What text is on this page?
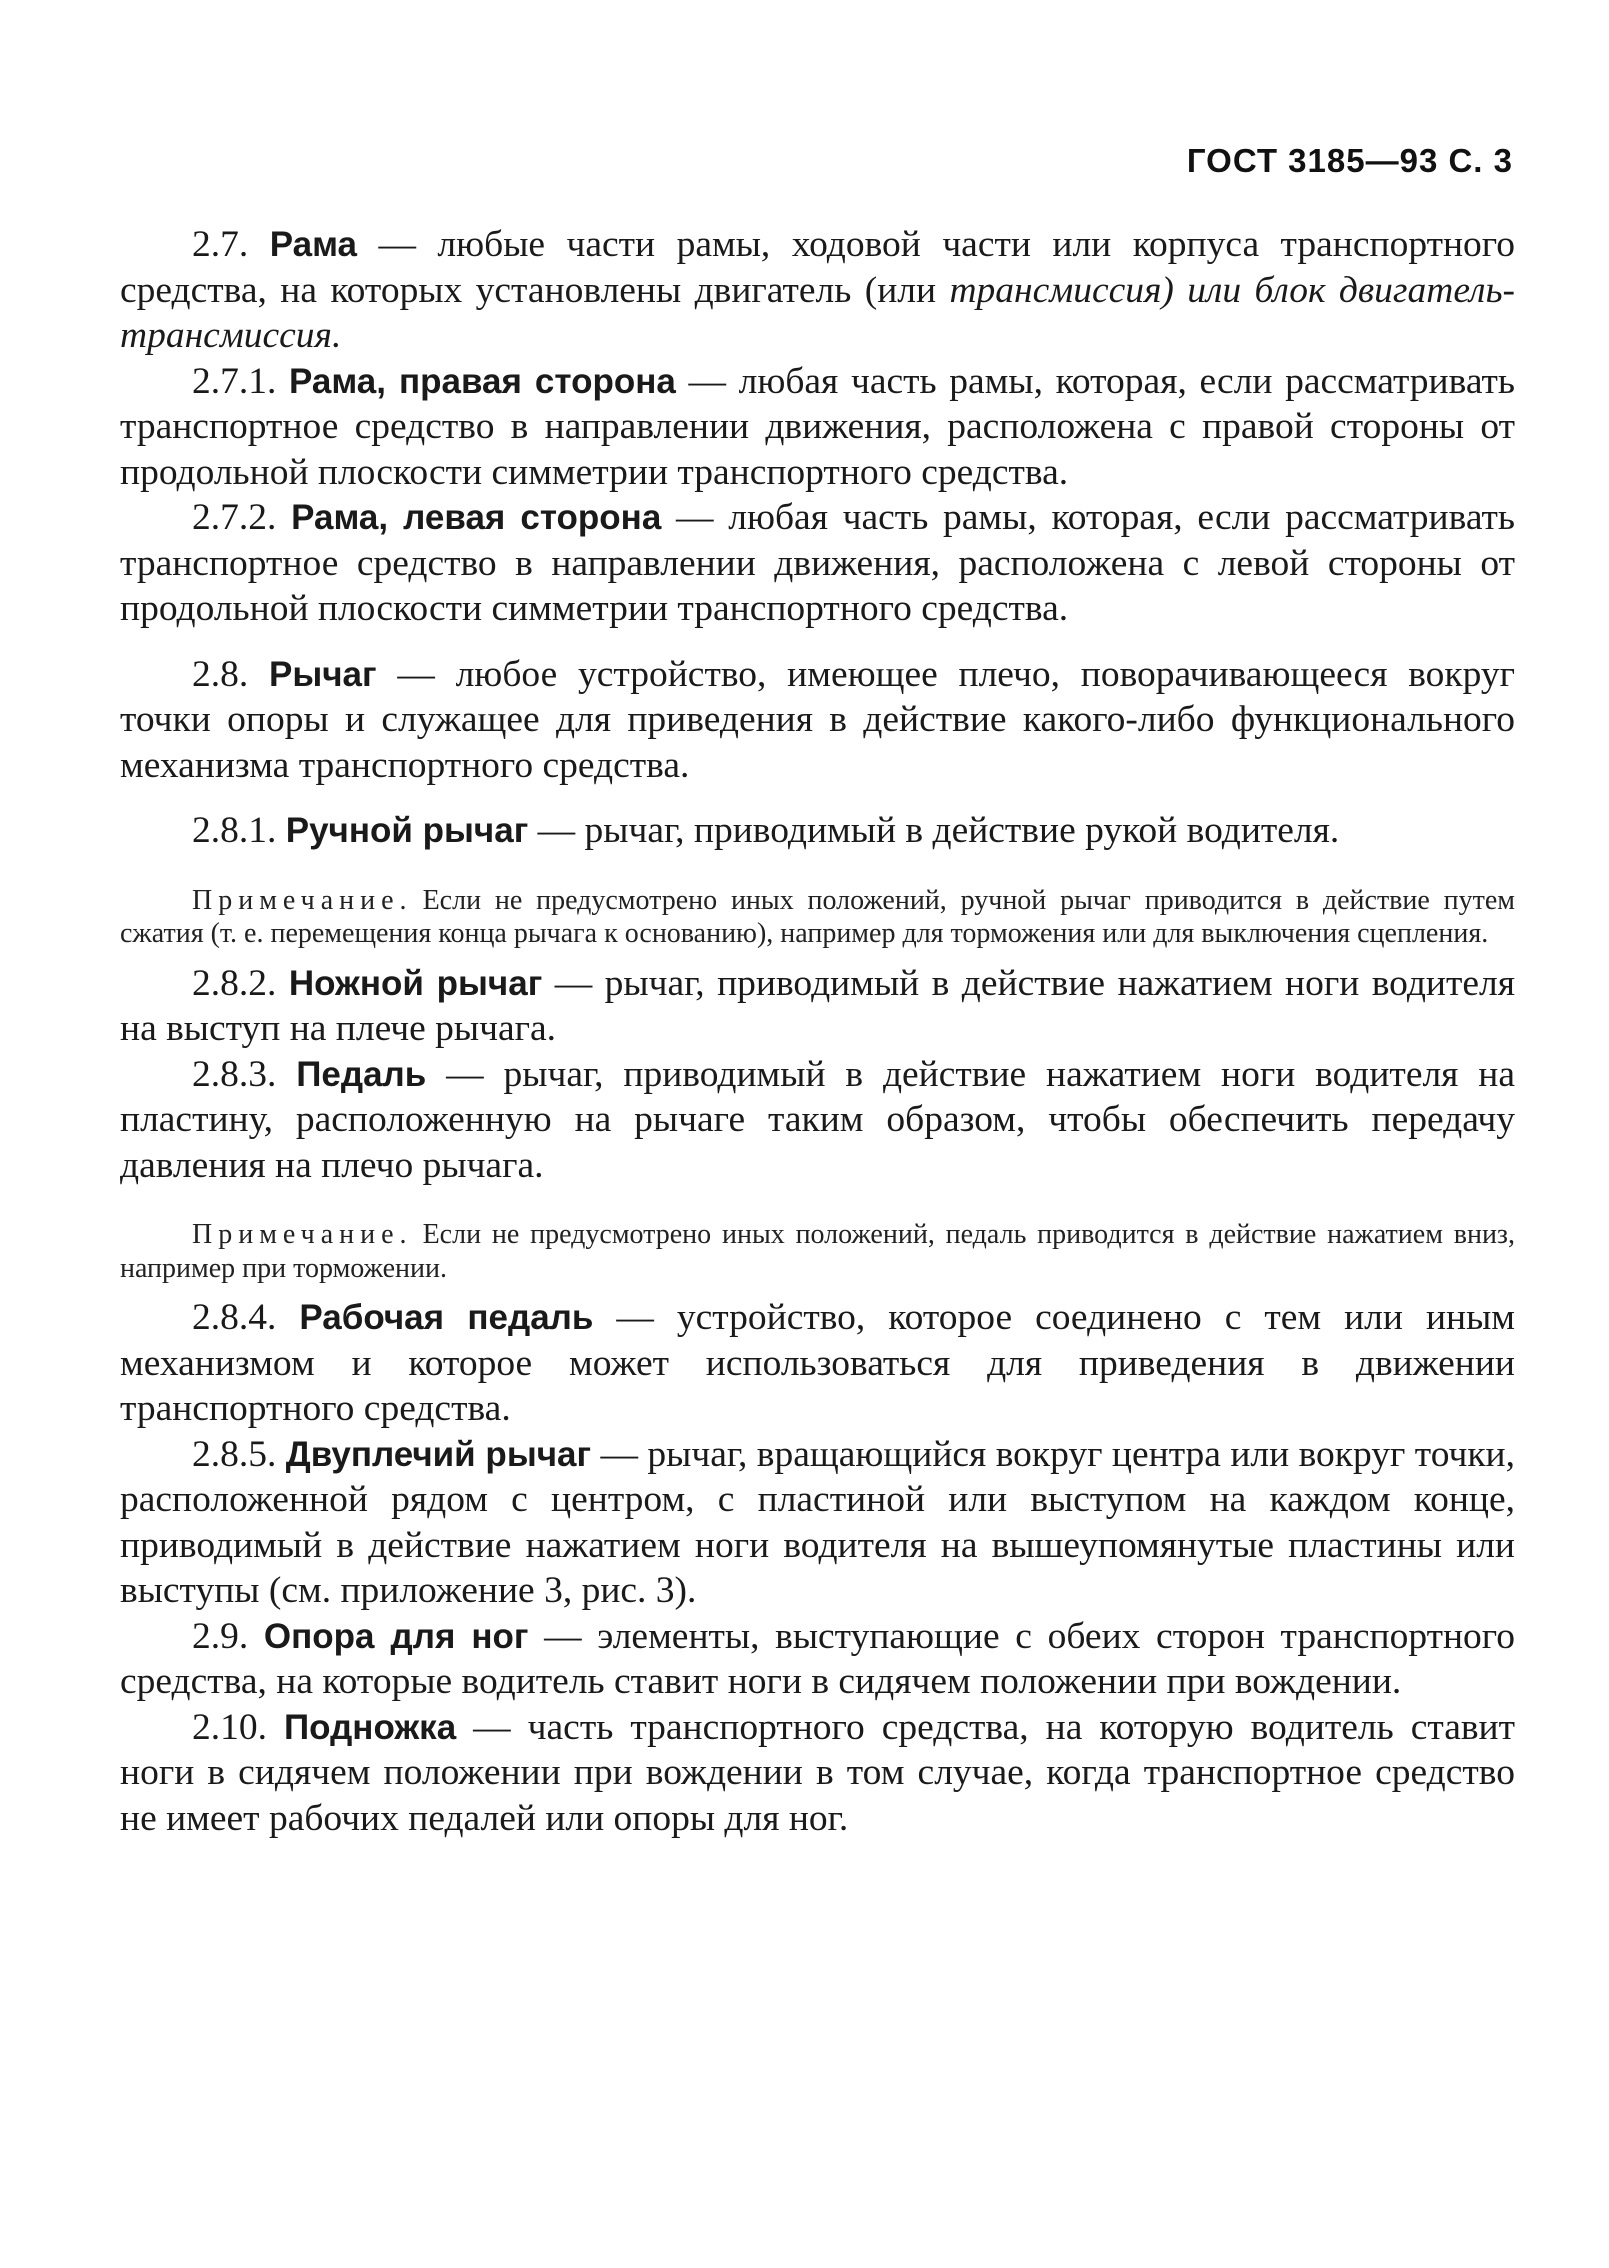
ГОСТ 3185—93 С. 3

2.7. Рама — любые части рамы, ходовой части или корпуса транспортного средства, на которых установлены двигатель (или трансмиссия) или блок двигатель-трансмиссия.

2.7.1. Рама, правая сторона — любая часть рамы, которая, если рассматривать транспортное средство в направлении движения, расположена с правой стороны от продольной плоскости симметрии транспортного средства.

2.7.2. Рама, левая сторона — любая часть рамы, которая, если рассматривать транспортное средство в направлении движения, расположена с левой стороны от продольной плоскости симметрии транспортного средства.

2.8. Рычаг — любое устройство, имеющее плечо, поворачивающееся вокруг точки опоры и служащее для приведения в действие какого-либо функционального механизма транспортного средства.

2.8.1. Ручной рычаг — рычаг, приводимый в действие рукой водителя.

Примечание. Если не предусмотрено иных положений, ручной рычаг приводится в действие путем сжатия (т. е. перемещения конца рычага к основанию), например для торможения или для выключения сцепления.

2.8.2. Ножной рычаг — рычаг, приводимый в действие нажатием ноги водителя на выступ на плече рычага.

2.8.3. Педаль — рычаг, приводимый в действие нажатием ноги водителя на пластину, расположенную на рычаге таким образом, чтобы обеспечить передачу давления на плечо рычага.

Примечание. Если не предусмотрено иных положений, педаль приводится в действие нажатием вниз, например при торможении.

2.8.4. Рабочая педаль — устройство, которое соединено с тем или иным механизмом и которое может использоваться для приведения в движении транспортного средства.

2.8.5. Двуплечий рычаг — рычаг, вращающийся вокруг центра или вокруг точки, расположенной рядом с центром, с пластиной или выступом на каждом конце, приводимый в действие нажатием ноги водителя на вышеупомянутые пластины или выступы (см. приложение 3, рис. 3).

2.9. Опора для ног — элементы, выступающие с обеих сторон транспортного средства, на которые водитель ставит ноги в сидячем положении при вождении.

2.10. Подножка — часть транспортного средства, на которую водитель ставит ноги в сидячем положении при вождении в том случае, когда транспортное средство не имеет рабочих педалей или опоры для ног.
